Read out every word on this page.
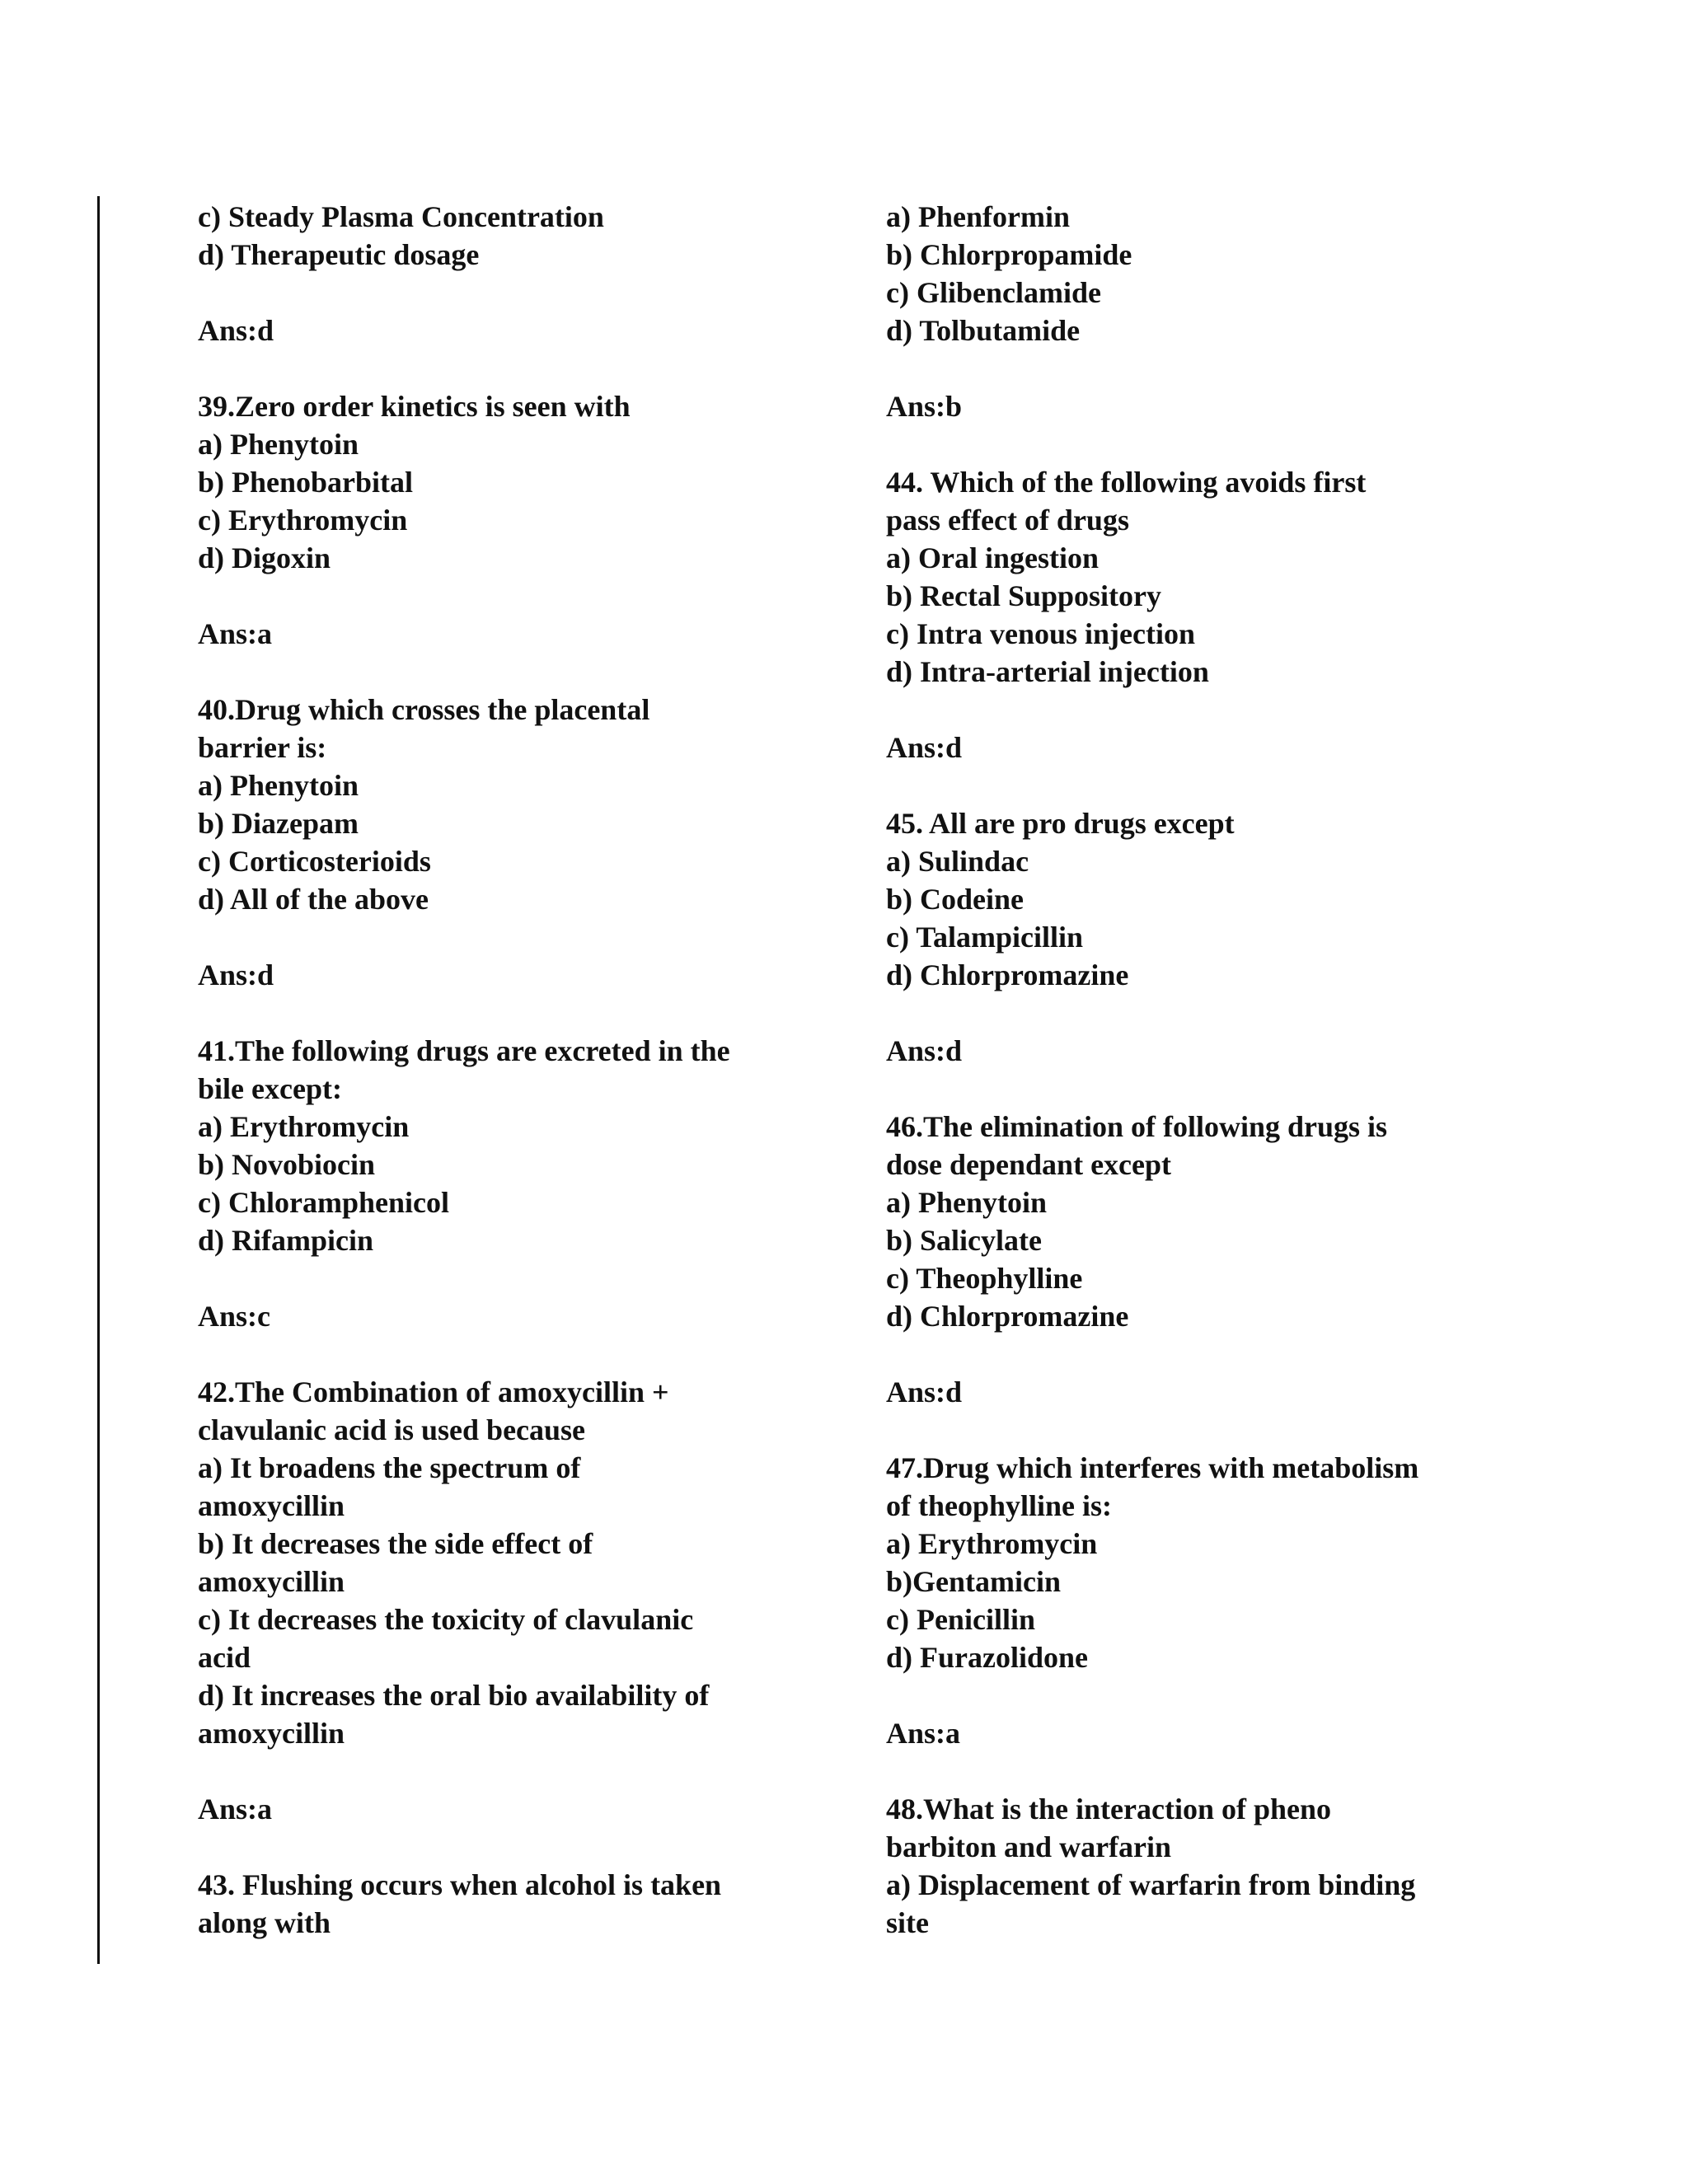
c) Steady Plasma Concentration
d) Therapeutic dosage
Ans:d
39.Zero order kinetics is seen with
a) Phenytoin
b) Phenobarbital
c) Erythromycin
d) Digoxin
Ans:a
40.Drug which crosses the placental
barrier is:
a) Phenytoin
b) Diazepam
c) Corticosterioids
d) All of the above
Ans:d
41.The following drugs are excreted in the
bile except:
a) Erythromycin
b) Novobiocin
c) Chloramphenicol
d) Rifampicin
Ans:c
42.The Combination of amoxycillin +
clavulanic acid is used because
a) It broadens the spectrum of
amoxycillin
b) It decreases the side effect of
amoxycillin
c) It decreases the toxicity of clavulanic
acid
d) It increases the oral bio availability of
amoxycillin
Ans:a
43. Flushing occurs when alcohol is taken
along with
a) Phenformin
b) Chlorpropamide
c) Glibenclamide
d) Tolbutamide
Ans:b
44. Which of the following avoids first
pass effect of drugs
a) Oral ingestion
b) Rectal Suppository
c) Intra venous injection
d) Intra-arterial injection
Ans:d
45. All are pro drugs except
a) Sulindac
b) Codeine
c) Talampicillin
d) Chlorpromazine
Ans:d
46.The elimination of following drugs is
dose dependant except
a) Phenytoin
b) Salicylate
c) Theophylline
d) Chlorpromazine
Ans:d
47.Drug which interferes with metabolism
of theophylline is:
a) Erythromycin
b)Gentamicin
c) Penicillin
d) Furazolidone
Ans:a
48.What is the interaction of pheno
barbiton and warfarin
a) Displacement of warfarin from binding
site
